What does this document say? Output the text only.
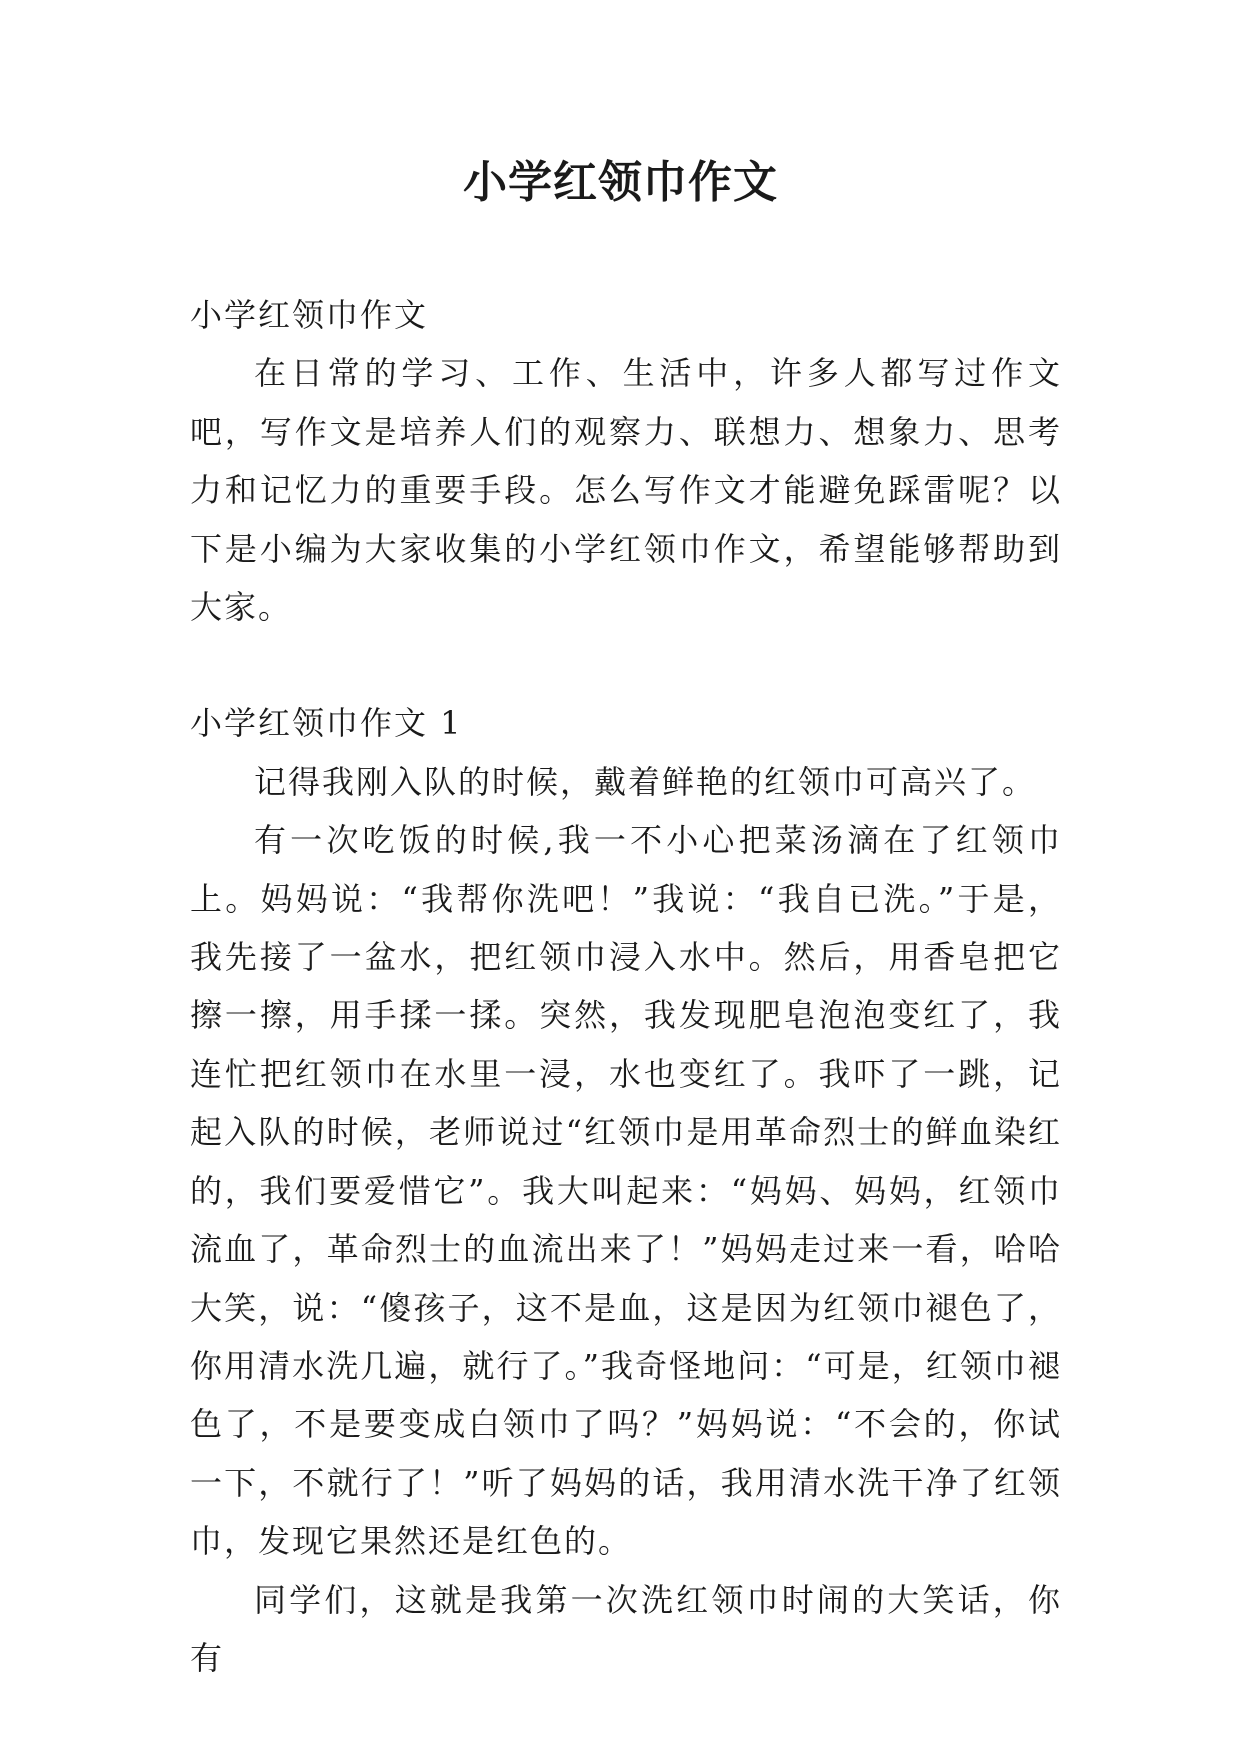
小学红领巾作文

小学红领巾作文

在日常的学习、工作、生活中，许多人都写过作文吧，写作文是培养人们的观察力、联想力、想象力、思考力和记忆力的重要手段。怎么写作文才能避免踩雷呢？以下是小编为大家收集的小学红领巾作文，希望能够帮助到大家。

小学红领巾作文 1

记得我刚入队的时候，戴着鲜艳的红领巾可高兴了。

有一次吃饭的时候,我一不小心把菜汤滴在了红领巾上。妈妈说：“我帮你洗吧！”我说：“我自已洗。”于是，我先接了一盆水，把红领巾浸入水中。然后，用香皂把它擦一擦，用手揉一揉。突然，我发现肥皂泡泡变红了，我连忙把红领巾在水里一浸，水也变红了。我吓了一跳，记起入队的时候，老师说过“红领巾是用革命烈士的鲜血染红的，我们要爱惜它”。我大叫起来：“妈妈、妈妈，红领巾流血了，革命烈士的血流出来了！”妈妈走过来一看，哈哈大笑，说：“傻孩子，这不是血，这是因为红领巾褪色了，你用清水洗几遍，就行了。”我奇怪地问：“可是，红领巾褪色了，不是要变成白领巾了吗？”妈妈说：“不会的，你试一下，不就行了！”听了妈妈的话，我用清水洗干净了红领巾，发现它果然还是红色的。

同学们，这就是我第一次洗红领巾时闹的大笑话，你有
